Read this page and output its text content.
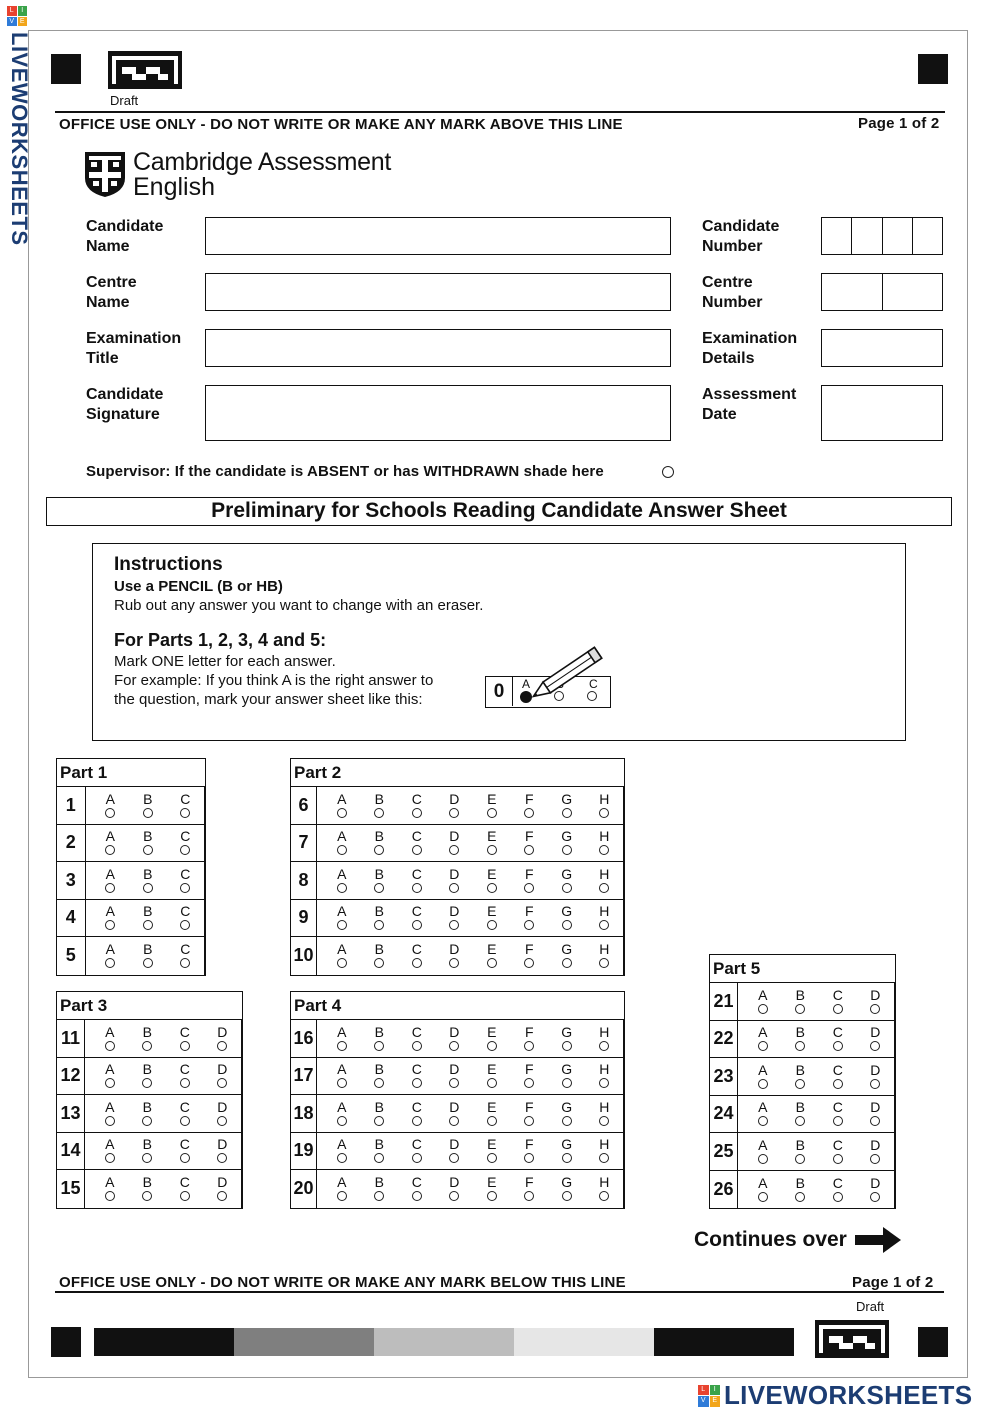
L	I
V E
LIVEWORKSHEETS	Draft
OFFICE USE ONLY - DO NOT WRITE OR MAKE ANY MARK ABOVE THIS LINE	Page 1 of 2
Cambridge Assessment
English
Candidate
Name
Candidate
Number
Centre
Name
Centre
Number
Examination
Title
Examination
Details
Candidate
Signature
Assessment
Date
Supervisor: If the candidate is ABSENT or has WITHDRAWN shade here
Preliminary for Schools Reading Candidate Answer Sheet
Instructions
Use a PENCIL (B or HB)
Rub out any answer you want to change with an eraser.
For Parts 1, 2, 3, 4 and 5:
Mark ONE letter for each answer.
For example: If you think A is the right answer to
the question, mark your answer sheet like this:	0	A	C
Part 1
1	A B C
2	A B C
3	A B C
4	A B C
5	A B C
Part 2
6	A B C D E F G H
7	A B C D E F G H
8	A B C D E F G H
9	A B C D E F G H
10 A B C D E F G H
Part 3
11	A B C D
12	A B C D
13	A B C D
14	A B C D
15	A B C D
Part 4
16 A B C D E F G H
17 A B C D E F G H
18 A B C D E F G H
19 A B C D E F G H
20 A B C D E F G H
Part 5
21	A B C D
22	A B C D
23	A B C D
24	A B C D
25	A B C D
26	A B C D
Continues over
OFFICE USE ONLY - DO NOT WRITE OR MAKE ANY MARK BELOW THIS LINE	Page 1 of 2
Draft
L	I
V E LIVEWORKSHEETS
